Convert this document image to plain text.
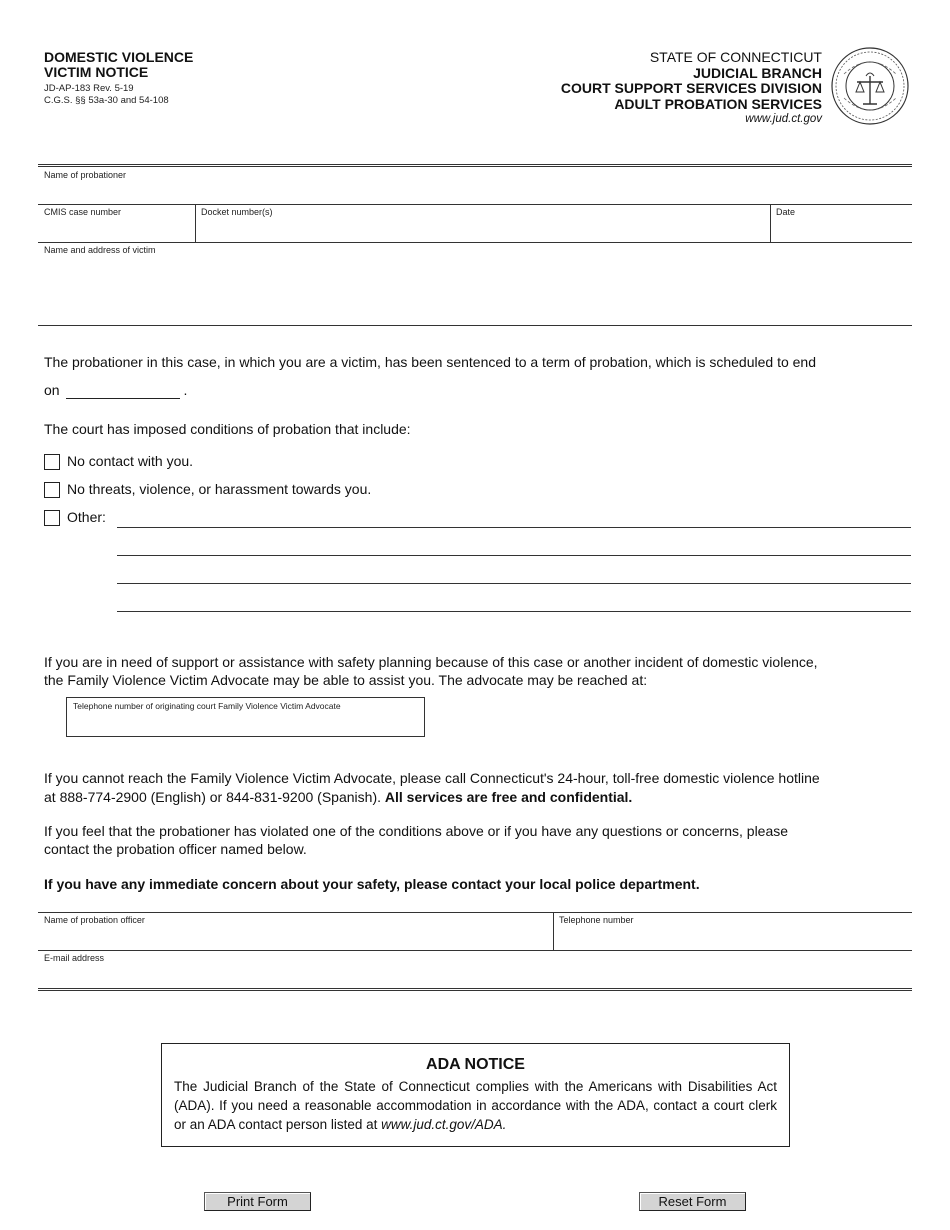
DOMESTIC VIOLENCE
VICTIM NOTICE
JD-AP-183 Rev. 5-19
C.G.S. §§ 53a-30 and 54-108
STATE OF CONNECTICUT
JUDICIAL BRANCH
COURT SUPPORT SERVICES DIVISION
ADULT PROBATION SERVICES
www.jud.ct.gov
Name of probationer
CMIS case number	Docket number(s)	Date
Name and address of victim
The probationer in this case, in which you are a victim, has been sentenced to a term of probation, which is scheduled to end
on	.
The court has imposed conditions of probation that include:
No contact with you.
No threats, violence, or harassment towards you.
Other:
If you are in need of support or assistance with safety planning because of this case or another incident of domestic violence,
the Family Violence Victim Advocate may be able to assist you. The advocate may be reached at:
Telephone number of originating court Family Violence Victim Advocate
If you cannot reach the Family Violence Victim Advocate, please call Connecticut's 24-hour, toll-free domestic violence hotline
at 888-774-2900 (English) or 844-831-9200 (Spanish). All services are free and confidential.
If you feel that the probationer has violated one of the conditions above or if you have any questions or concerns, please
contact the probation officer named below.
If you have any immediate concern about your safety, please contact your local police department.
Name of probation officer	Telephone number
E-mail address
ADA NOTICE
The Judicial Branch of the State of Connecticut complies with the Americans with Disabilities Act (ADA). If you need a reasonable accommodation in accordance with the ADA, contact a court clerk or an ADA contact person listed at www.jud.ct.gov/ADA.
Print Form	Reset Form
